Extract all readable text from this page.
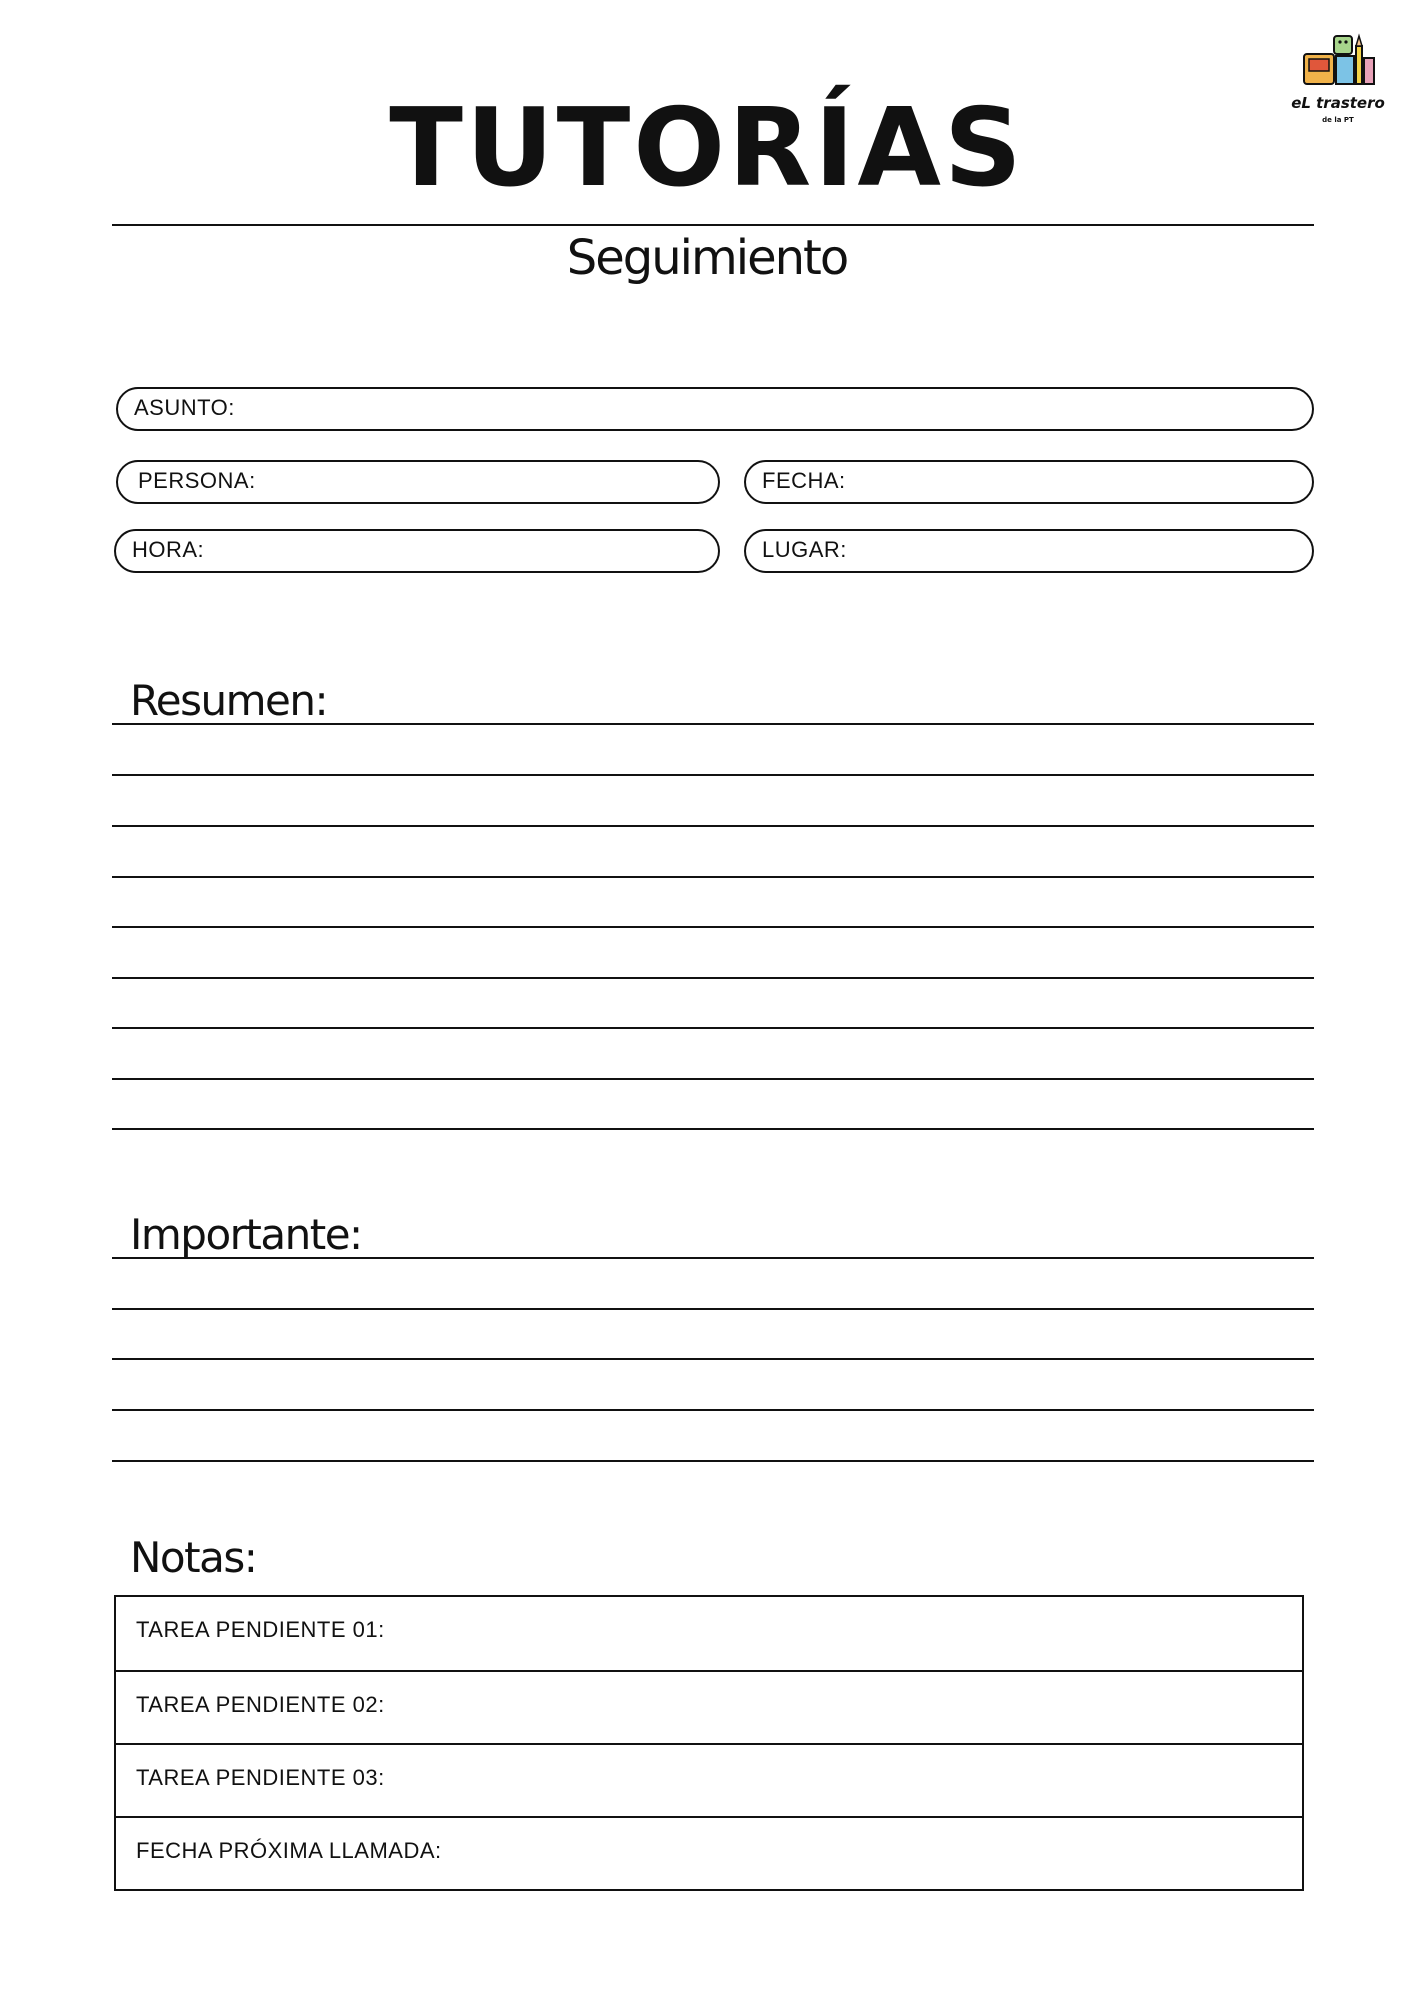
eL trastero
de la PT
TUTORÍAS
Seguimiento
ASUNTO:
PERSONA:	FECHA:
HORA:	LUGAR:
Resumen:
Importante:
Notas:
TAREA PENDIENTE 01:
TAREA PENDIENTE 02:
TAREA PENDIENTE 03:
FECHA PRÓXIMA LLAMADA:
